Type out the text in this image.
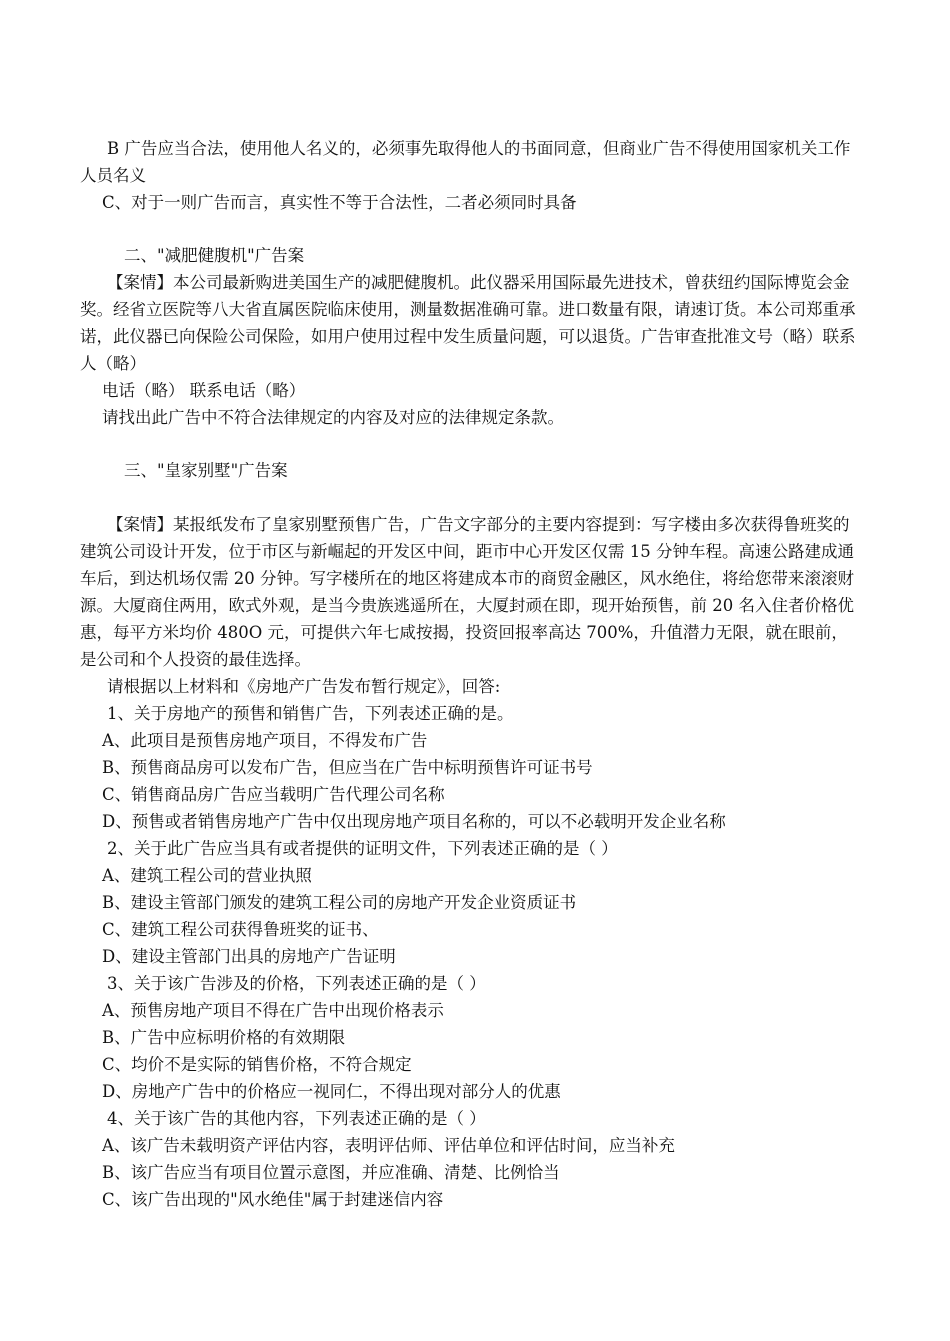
B 广告应当合法，使用他人名义的，必须事先取得他人的书面同意，但商业广告不得使用国家机关工作人员名义

C、对于一则广告而言，真实性不等于合法性，二者必须同时具备

二、"减肥健腹机"广告案

【案情】本公司最新购进美国生产的减肥健腹机。此仪器采用国际最先进技术，曾获纽约国际博览会金奖。经省立医院等八大省直属医院临床使用，测量数据准确可靠。进口数量有限，请速订货。本公司郑重承诺，此仪器已向保险公司保险，如用户使用过程中发生质量问题，可以退货。广告审查批准文号（略）联系人（略）

电话（略） 联系电话（略）

请找出此广告中不符合法律规定的内容及对应的法律规定条款。

三、"皇家别墅"广告案

【案情】某报纸发布了皇家别墅预售广告，广告文字部分的主要内容提到：写字楼由多次获得鲁班奖的建筑公司设计开发，位于市区与新崛起的开发区中间，距市中心开发区仅需 15 分钟车程。高速公路建成通车后，到达机场仅需 20 分钟。写字楼所在的地区将建成本市的商贸金融区，风水绝住，将给您带来滚滚财源。大厦商住两用，欧式外观，是当今贵族逃遥所在，大厦封顽在即，现开始预售，前 20 名入住者价格优惠，每平方米均价 480O 元，可提供六年七咸按揭，投资回报率高达 700%，升值潜力无限，就在眼前，是公司和个人投资的最佳选择。

请根据以上材料和《房地产广告发布暂行规定》，回答:

1、关于房地产的预售和销售广告，下列表述正确的是。

A、此项目是预售房地产项目，不得发布广告

B、预售商品房可以发布广告，但应当在广告中标明预售许可证书号

C、销售商品房广告应当载明广告代理公司名称

D、预售或者销售房地产广告中仅出现房地产项目名称的，可以不必载明开发企业名称

2、关于此广告应当具有或者提供的证明文件，下列表述正确的是（ ）

A、建筑工程公司的营业执照

B、建设主管部门颁发的建筑工程公司的房地产开发企业资质证书

C、建筑工程公司获得鲁班奖的证书、

D、建设主管部门出具的房地产广告证明

3、关于该广告涉及的价格，下列表述正确的是（ ）

A、预售房地产项目不得在广告中出现价格表示

B、广告中应标明价格的有效期限

C、均价不是实际的销售价格，不符合规定

D、房地产广告中的价格应一视同仁，不得出现对部分人的优惠

4、关于该广告的其他内容，下列表述正确的是（ ）

A、该广告未载明资产评估内容，表明评估师、评估单位和评估时间，应当补充

B、该广告应当有项目位置示意图，并应准确、清楚、比例恰当

C、该广告出现的"风水绝佳"属于封建迷信内容
